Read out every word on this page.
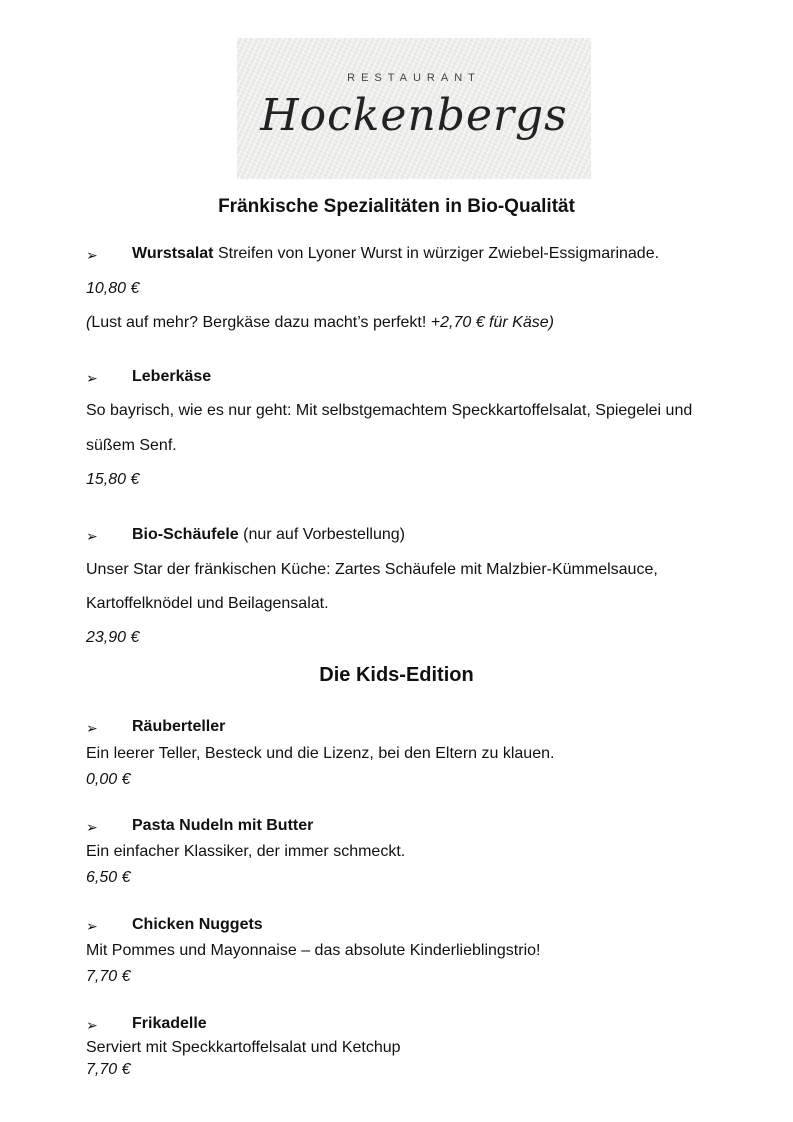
RESTAURANT
Hockenbergs
Fränkische Spezialitäten in Bio-Qualität
➢ Wurstsalat Streifen von Lyoner Wurst in würziger Zwiebel-Essigmarinade.
10,80 €
(Lust auf mehr? Bergkäse dazu macht’s perfekt! +2,70 € für Käse)
➢ Leberkäse
So bayrisch, wie es nur geht: Mit selbstgemachtem Speckkartoffelsalat, Spiegelei und
süßem Senf.
15,80 €
➢ Bio-Schäufele (nur auf Vorbestellung)
Unser Star der fränkischen Küche: Zartes Schäufele mit Malzbier-Kümmelsauce,
Kartoffelknödel und Beilagensalat.
23,90 €
Die Kids-Edition
➢ Räuberteller
Ein leerer Teller, Besteck und die Lizenz, bei den Eltern zu klauen.
0,00 €
➢ Pasta Nudeln mit Butter
Ein einfacher Klassiker, der immer schmeckt.
6,50 €
➢ Chicken Nuggets
Mit Pommes und Mayonnaise – das absolute Kinderlieblingstrio!
7,70 €
➢ Frikadelle
Serviert mit Speckkartoffelsalat und Ketchup
7,70 €
